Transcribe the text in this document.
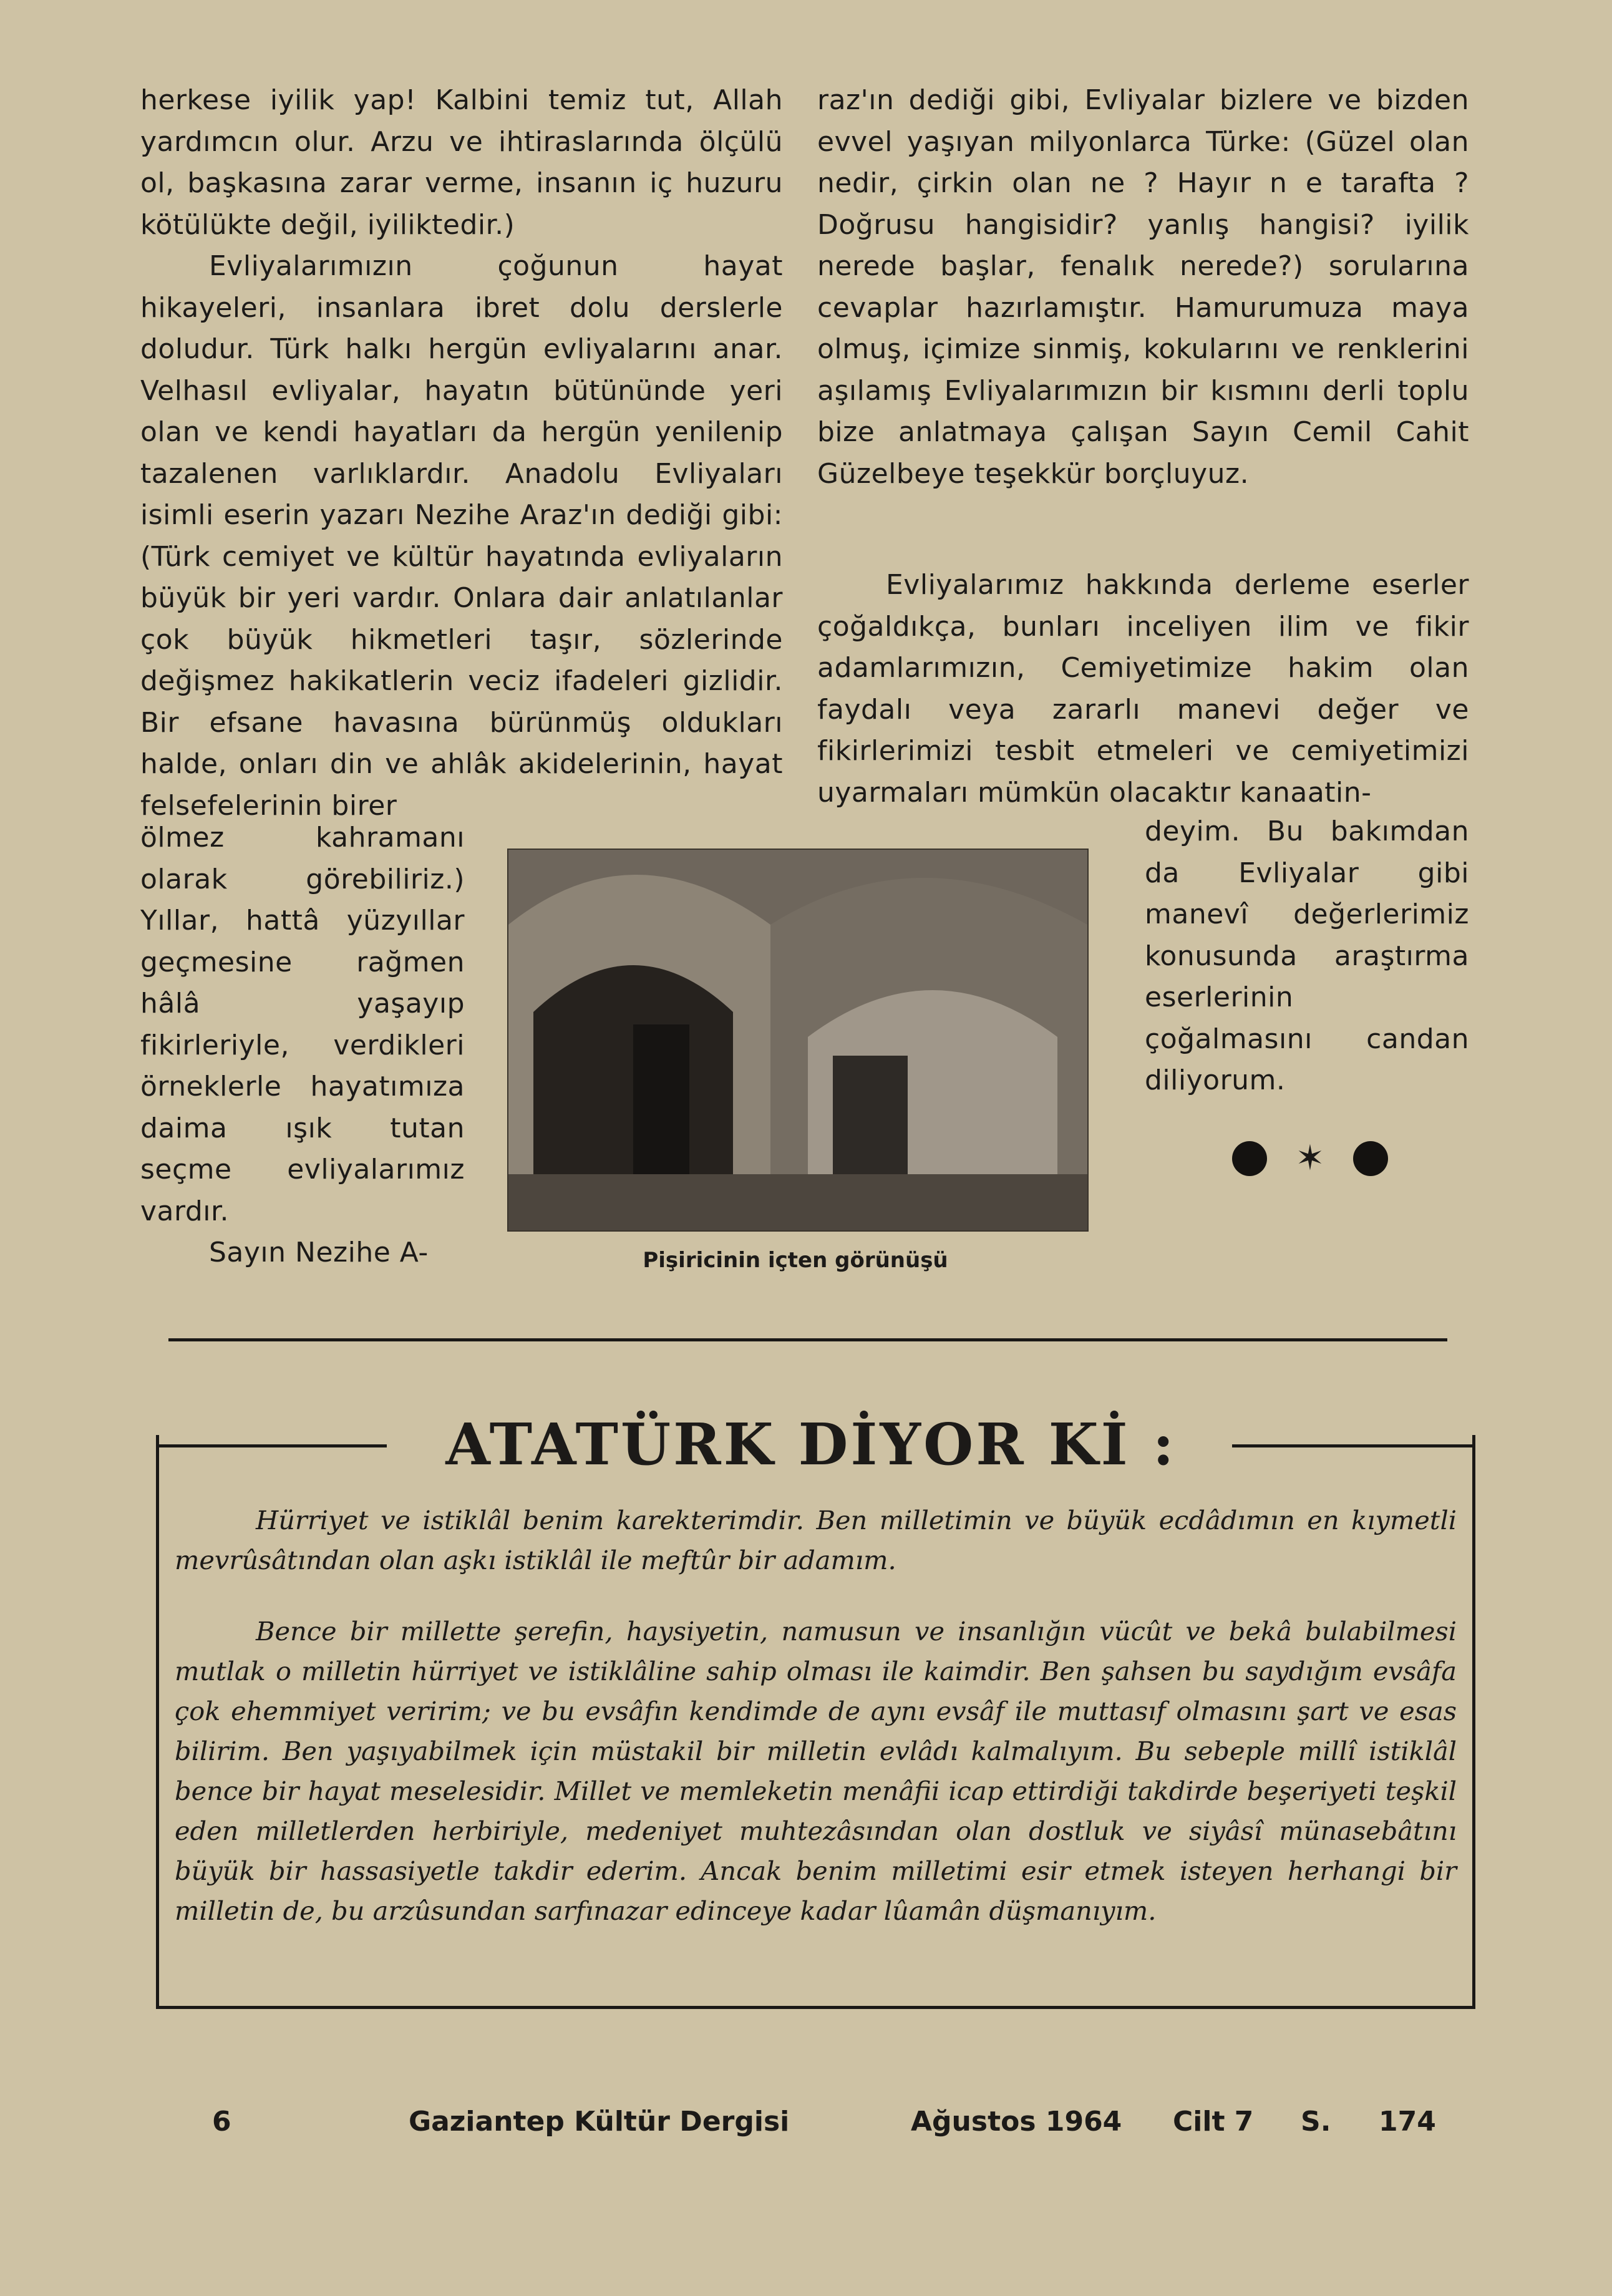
herkese iyilik yap! Kalbini temiz tut, Allah yardımcın olur. Arzu ve ihtiraslarında ölçülü ol, başkasına zarar verme, insanın iç huzuru kötülükte değil, iyiliktedir.)

Evliyalarımızın çoğunun hayat hikayeleri, insanlara ibret dolu derslerle doludur. Türk halkı hergün evliyalarını anar. Velhasıl evliyalar, hayatın bütününde yeri olan ve kendi hayatları da hergün yenilenip tazalenen varlıklardır. Anadolu Evliyaları isimli eserin yazarı Nezihe Araz'ın dediği gibi: (Türk cemiyet ve kültür hayatında evliyaların büyük bir yeri vardır. Onlara dair anlatılanlar çok büyük hikmetleri taşır, sözlerinde değişmez hakikatlerin veciz ifadeleri gizlidir. Bir efsane havasına bürünmüş oldukları halde, onları din ve ahlâk akidelerinin, hayat felsefelerinin birer

ölmez kahramanı olarak görebiliriz.) Yıllar, hattâ yüzyıllar geçmesine rağmen hâlâ yaşayıp fikirleriyle, verdikleri örneklerle hayatımıza daima ışık tutan seçme evliyalarımız vardır.

Sayın Nezihe A-

raz'ın dediği gibi, Evliyalar bizlere ve bizden evvel yaşıyan milyonlarca Türke: (Güzel olan nedir, çirkin olan ne ? Hayır n e tarafta ? Doğrusu hangisidir? yanlış hangisi? iyilik nerede başlar, fenalık nerede?) sorularına cevaplar hazırlamıştır. Hamurumuza maya olmuş, içimize sinmiş, kokularını ve renklerini aşılamış Evliyalarımızın bir kısmını derli toplu bize anlatmaya çalışan Sayın Cemil Cahit Güzelbeye teşekkür borçluyuz.

Evliyalarımız hakkında derleme eserler çoğaldıkça, bunları inceliyen ilim ve fikir adamlarımızın, Cemiyetimize hakim olan faydalı veya zararlı manevi değer ve fikirlerimizi tesbit etmeleri ve cemiyetimizi uyarmaları mümkün olacaktır kanaatin-

deyim. Bu bakımdan da Evliyalar gibi manevî değerlerimiz konusunda araştırma eserlerinin çoğalmasını candan diliyorum.

Pişiricinin içten görünüşü
✶
ATATÜRK DİYOR Kİ :

Hürriyet ve istiklâl benim karekterimdir. Ben milletimin ve büyük ecdâdımın en kıymetli mevrûsâtından olan aşkı istiklâl ile meftûr bir adamım.

Bence bir millette şerefin, haysiyetin, namusun ve insanlığın vücût ve bekâ bulabilmesi mutlak o milletin hürriyet ve istiklâline sahip olması ile kaimdir. Ben şahsen bu saydığım evsâfa çok ehemmiyet veririm; ve bu evsâfın kendimde de aynı evsâf ile muttasıf olmasını şart ve esas bilirim. Ben yaşıyabilmek için müstakil bir milletin evlâdı kalmalıyım. Bu sebeple millî istiklâl bence bir hayat meselesidir. Millet ve memleketin menâfii icap ettirdiği takdirde beşeriyeti teşkil eden milletlerden herbiriyle, medeniyet muhtezâsından olan dostluk ve siyâsî münasebâtını büyük bir hassasiyetle takdir ederim. Ancak benim milletimi esir etmek isteyen herhangi bir milletin de, bu arzûsundan sarfınazar edinceye kadar lûamân düşmanıyım.

6	Gaziantep Kültür Dergisi	Ağustos 1964 Cilt 7 S. 174
